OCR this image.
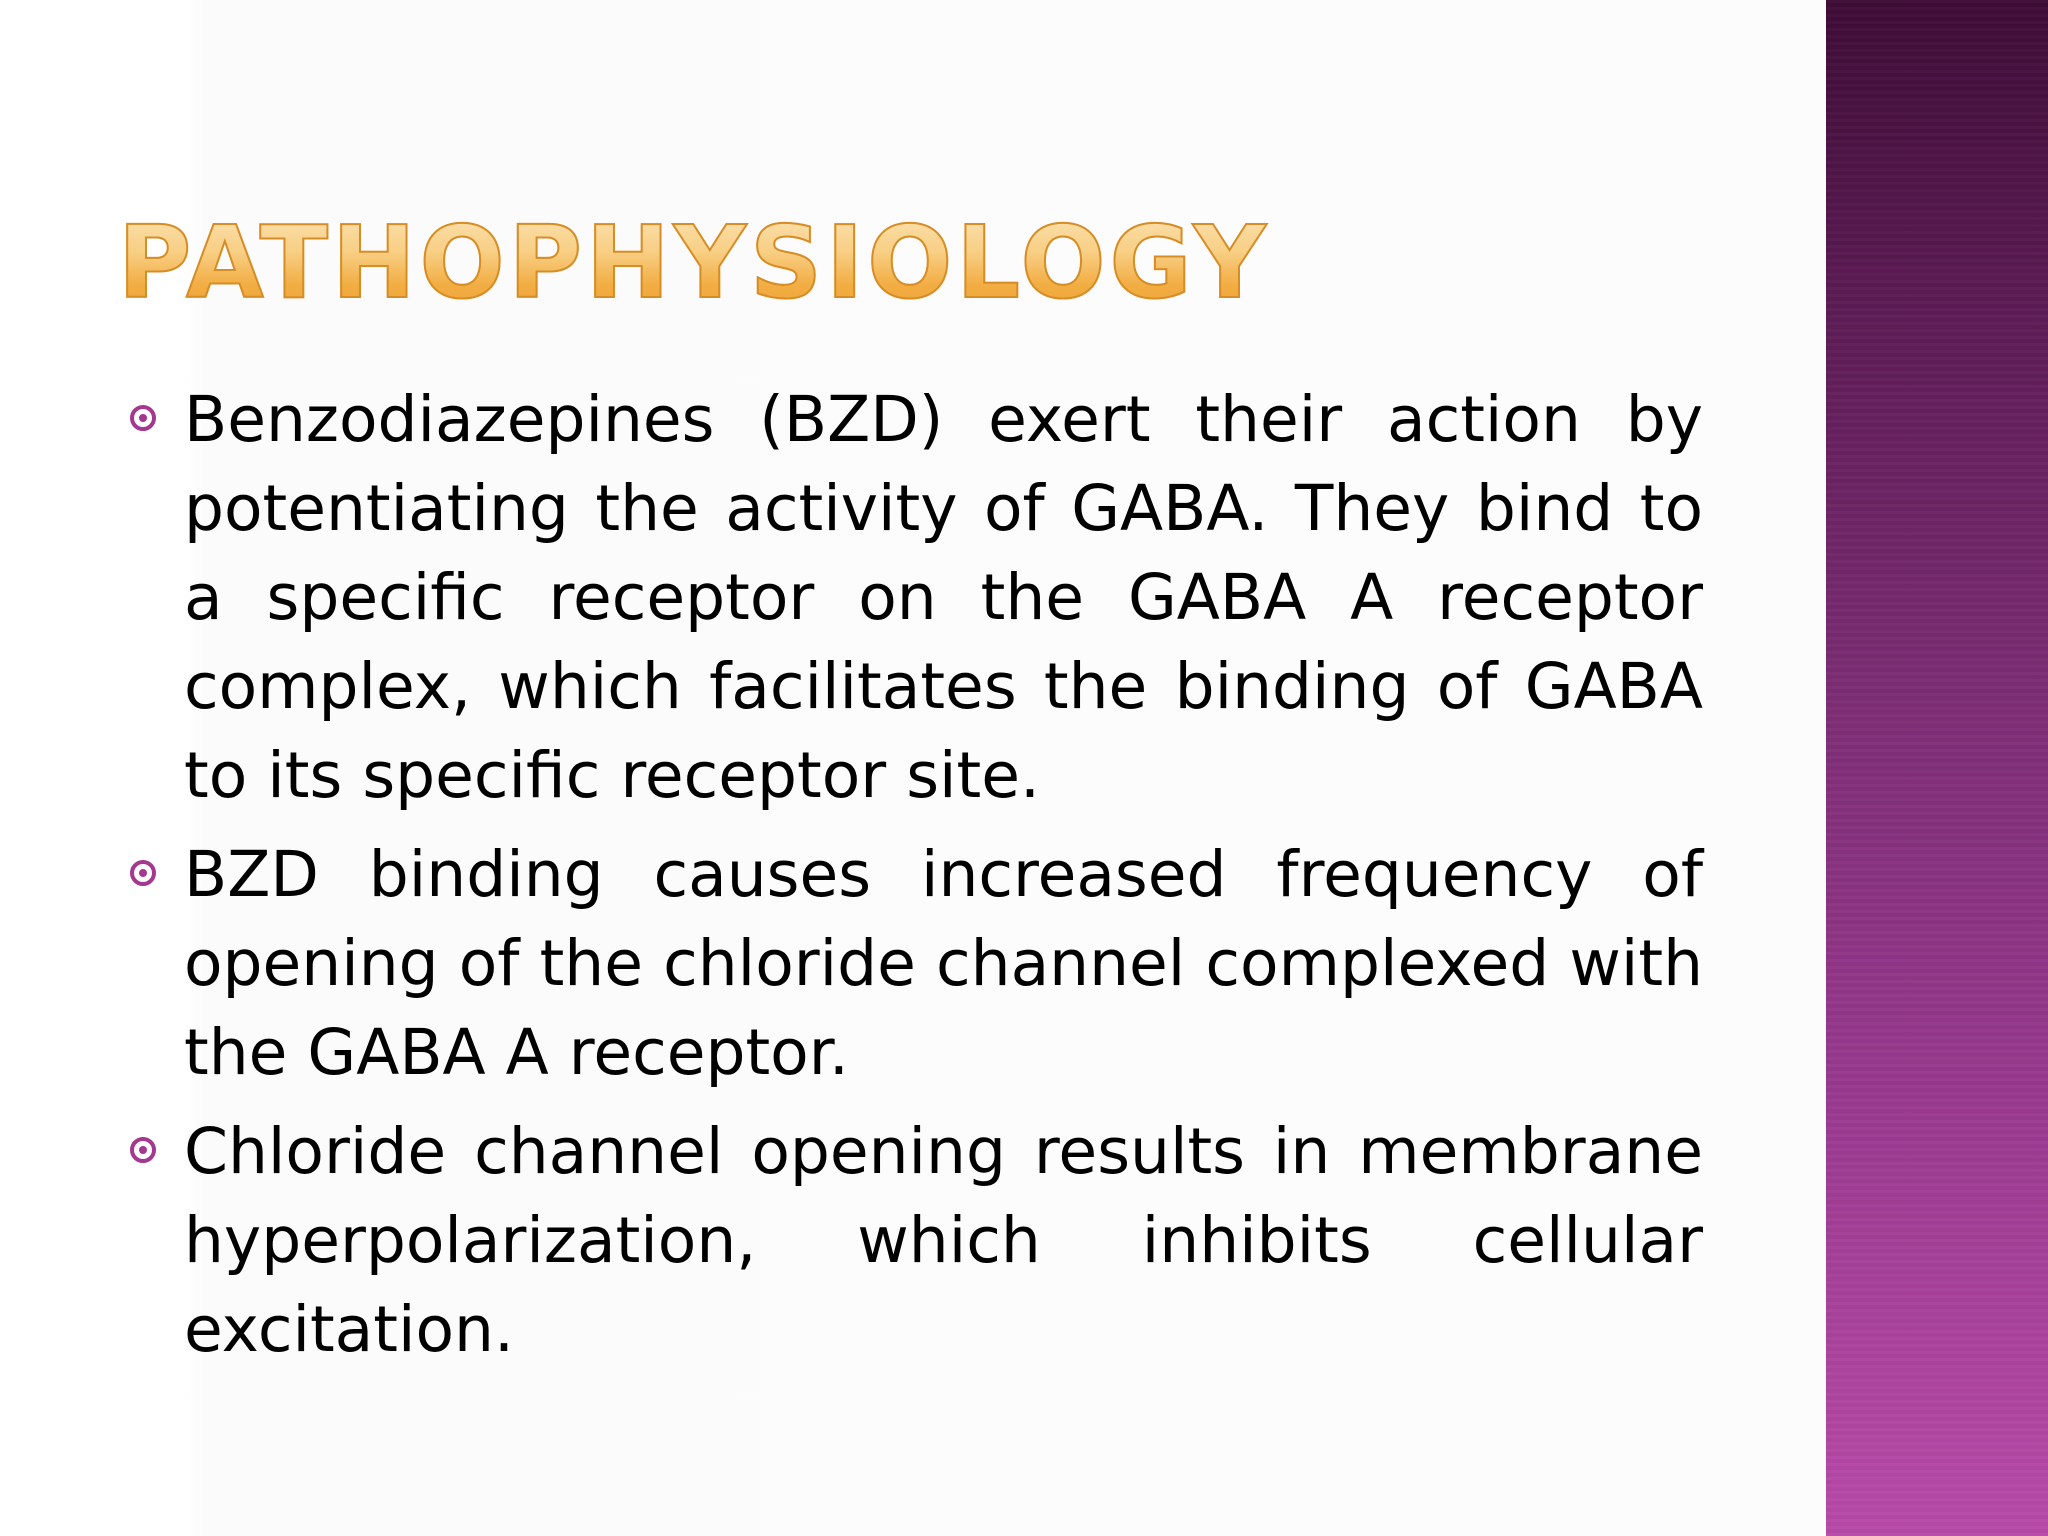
PATHOPHYSIOLOGY
Benzodiazepines (BZD) exert their action by potentiating the activity of GABA. They bind to a specific receptor on the GABA A receptor complex, which facilitates the binding of GABA to its specific receptor site.
BZD binding causes increased frequency of opening of the chloride channel complexed with the GABA A receptor.
Chloride channel opening results in membrane hyperpolarization, which inhibits cellular excitation.
